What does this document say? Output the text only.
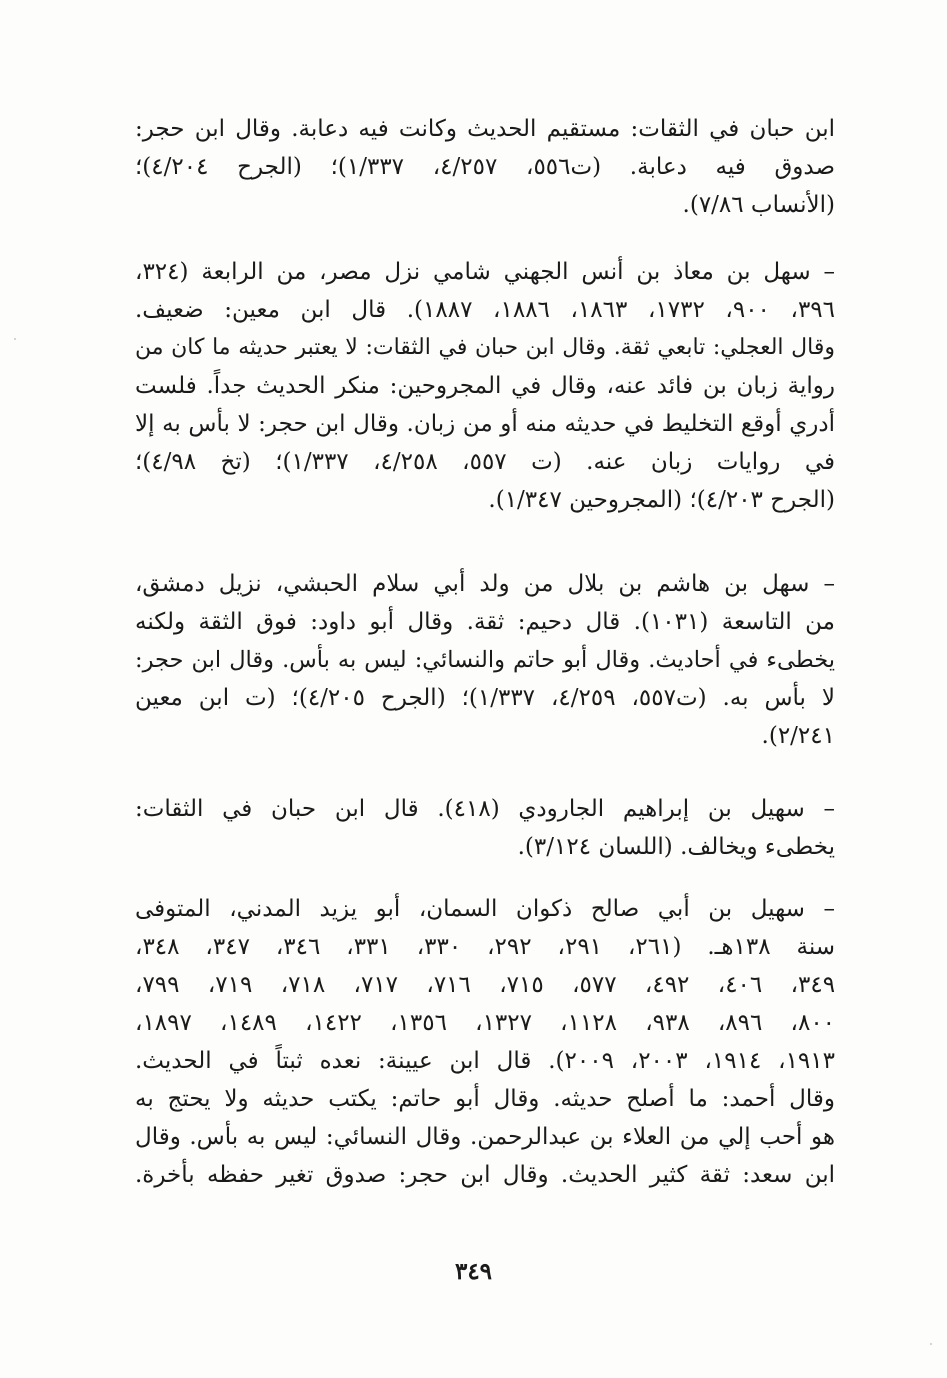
ابن حبان في الثقات: مستقيم الحديث وكانت فيه دعابة. وقال ابن حجر:
صدوق فيه دعابة. (ت٥٥٦، ٤/٢٥٧، ١/٣٣٧)؛ (الجرح ٤/٢٠٤)؛
(الأنساب ٧/٨٦).
– سهل بن معاذ بن أنس الجهني شامي نزل مصر، من الرابعة (٣٢٤،
٣٩٦، ٩٠٠، ١٧٣٢، ١٨٦٣، ١٨٨٦، ١٨٨٧). قال ابن معين: ضعيف.
وقال العجلي: تابعي ثقة. وقال ابن حبان في الثقات: لا يعتبر حديثه ما كان من
رواية زبان بن فائد عنه، وقال في المجروحين: منكر الحديث جداً. فلست
أدري أوقع التخليط في حديثه منه أو من زبان. وقال ابن حجر: لا بأس به إلا
في روايات زبان عنه. (ت ٥٥٧، ٤/٢٥٨، ١/٣٣٧)؛ (تخ ٤/٩٨)؛
(الجرح ٤/٢٠٣)؛ (المجروحين ١/٣٤٧).
– سهل بن هاشم بن بلال من ولد أبي سلام الحبشي، نزيل دمشق،
من التاسعة (١٠٣١). قال دحيم: ثقة. وقال أبو داود: فوق الثقة ولكنه
يخطىء في أحاديث. وقال أبو حاتم والنسائي: ليس به بأس. وقال ابن حجر:
لا بأس به. (ت٥٥٧، ٤/٢٥٩، ١/٣٣٧)؛ (الجرح ٤/٢٠٥)؛ (ت ابن معين
٢/٢٤١).
– سهيل بن إبراهيم الجارودي (٤١٨). قال ابن حبان في الثقات:
يخطىء ويخالف. (اللسان ٣/١٢٤).
– سهيل بن أبي صالح ذكوان السمان، أبو يزيد المدني، المتوفى
سنة ١٣٨هـ. (٢٦١، ٢٩١، ٢٩٢، ٣٣٠، ٣٣١، ٣٤٦، ٣٤٧، ٣٤٨،
٣٤٩، ٤٠٦، ٤٩٢، ٥٧٧، ٧١٥، ٧١٦، ٧١٧، ٧١٨، ٧١٩، ٧٩٩،
٨٠٠، ٨٩٦، ٩٣٨، ١١٢٨، ١٣٢٧، ١٣٥٦، ١٤٢٢، ١٤٨٩، ١٨٩٧،
١٩١٣، ١٩١٤، ٢٠٠٣، ٢٠٠٩). قال ابن عيينة: نعده ثبتاً في الحديث.
وقال أحمد: ما أصلح حديثه. وقال أبو حاتم: يكتب حديثه ولا يحتج به
هو أحب إلي من العلاء بن عبدالرحمن. وقال النسائي: ليس به بأس. وقال
ابن سعد: ثقة كثير الحديث. وقال ابن حجر: صدوق تغير حفظه بأخرة.
٣٤٩
